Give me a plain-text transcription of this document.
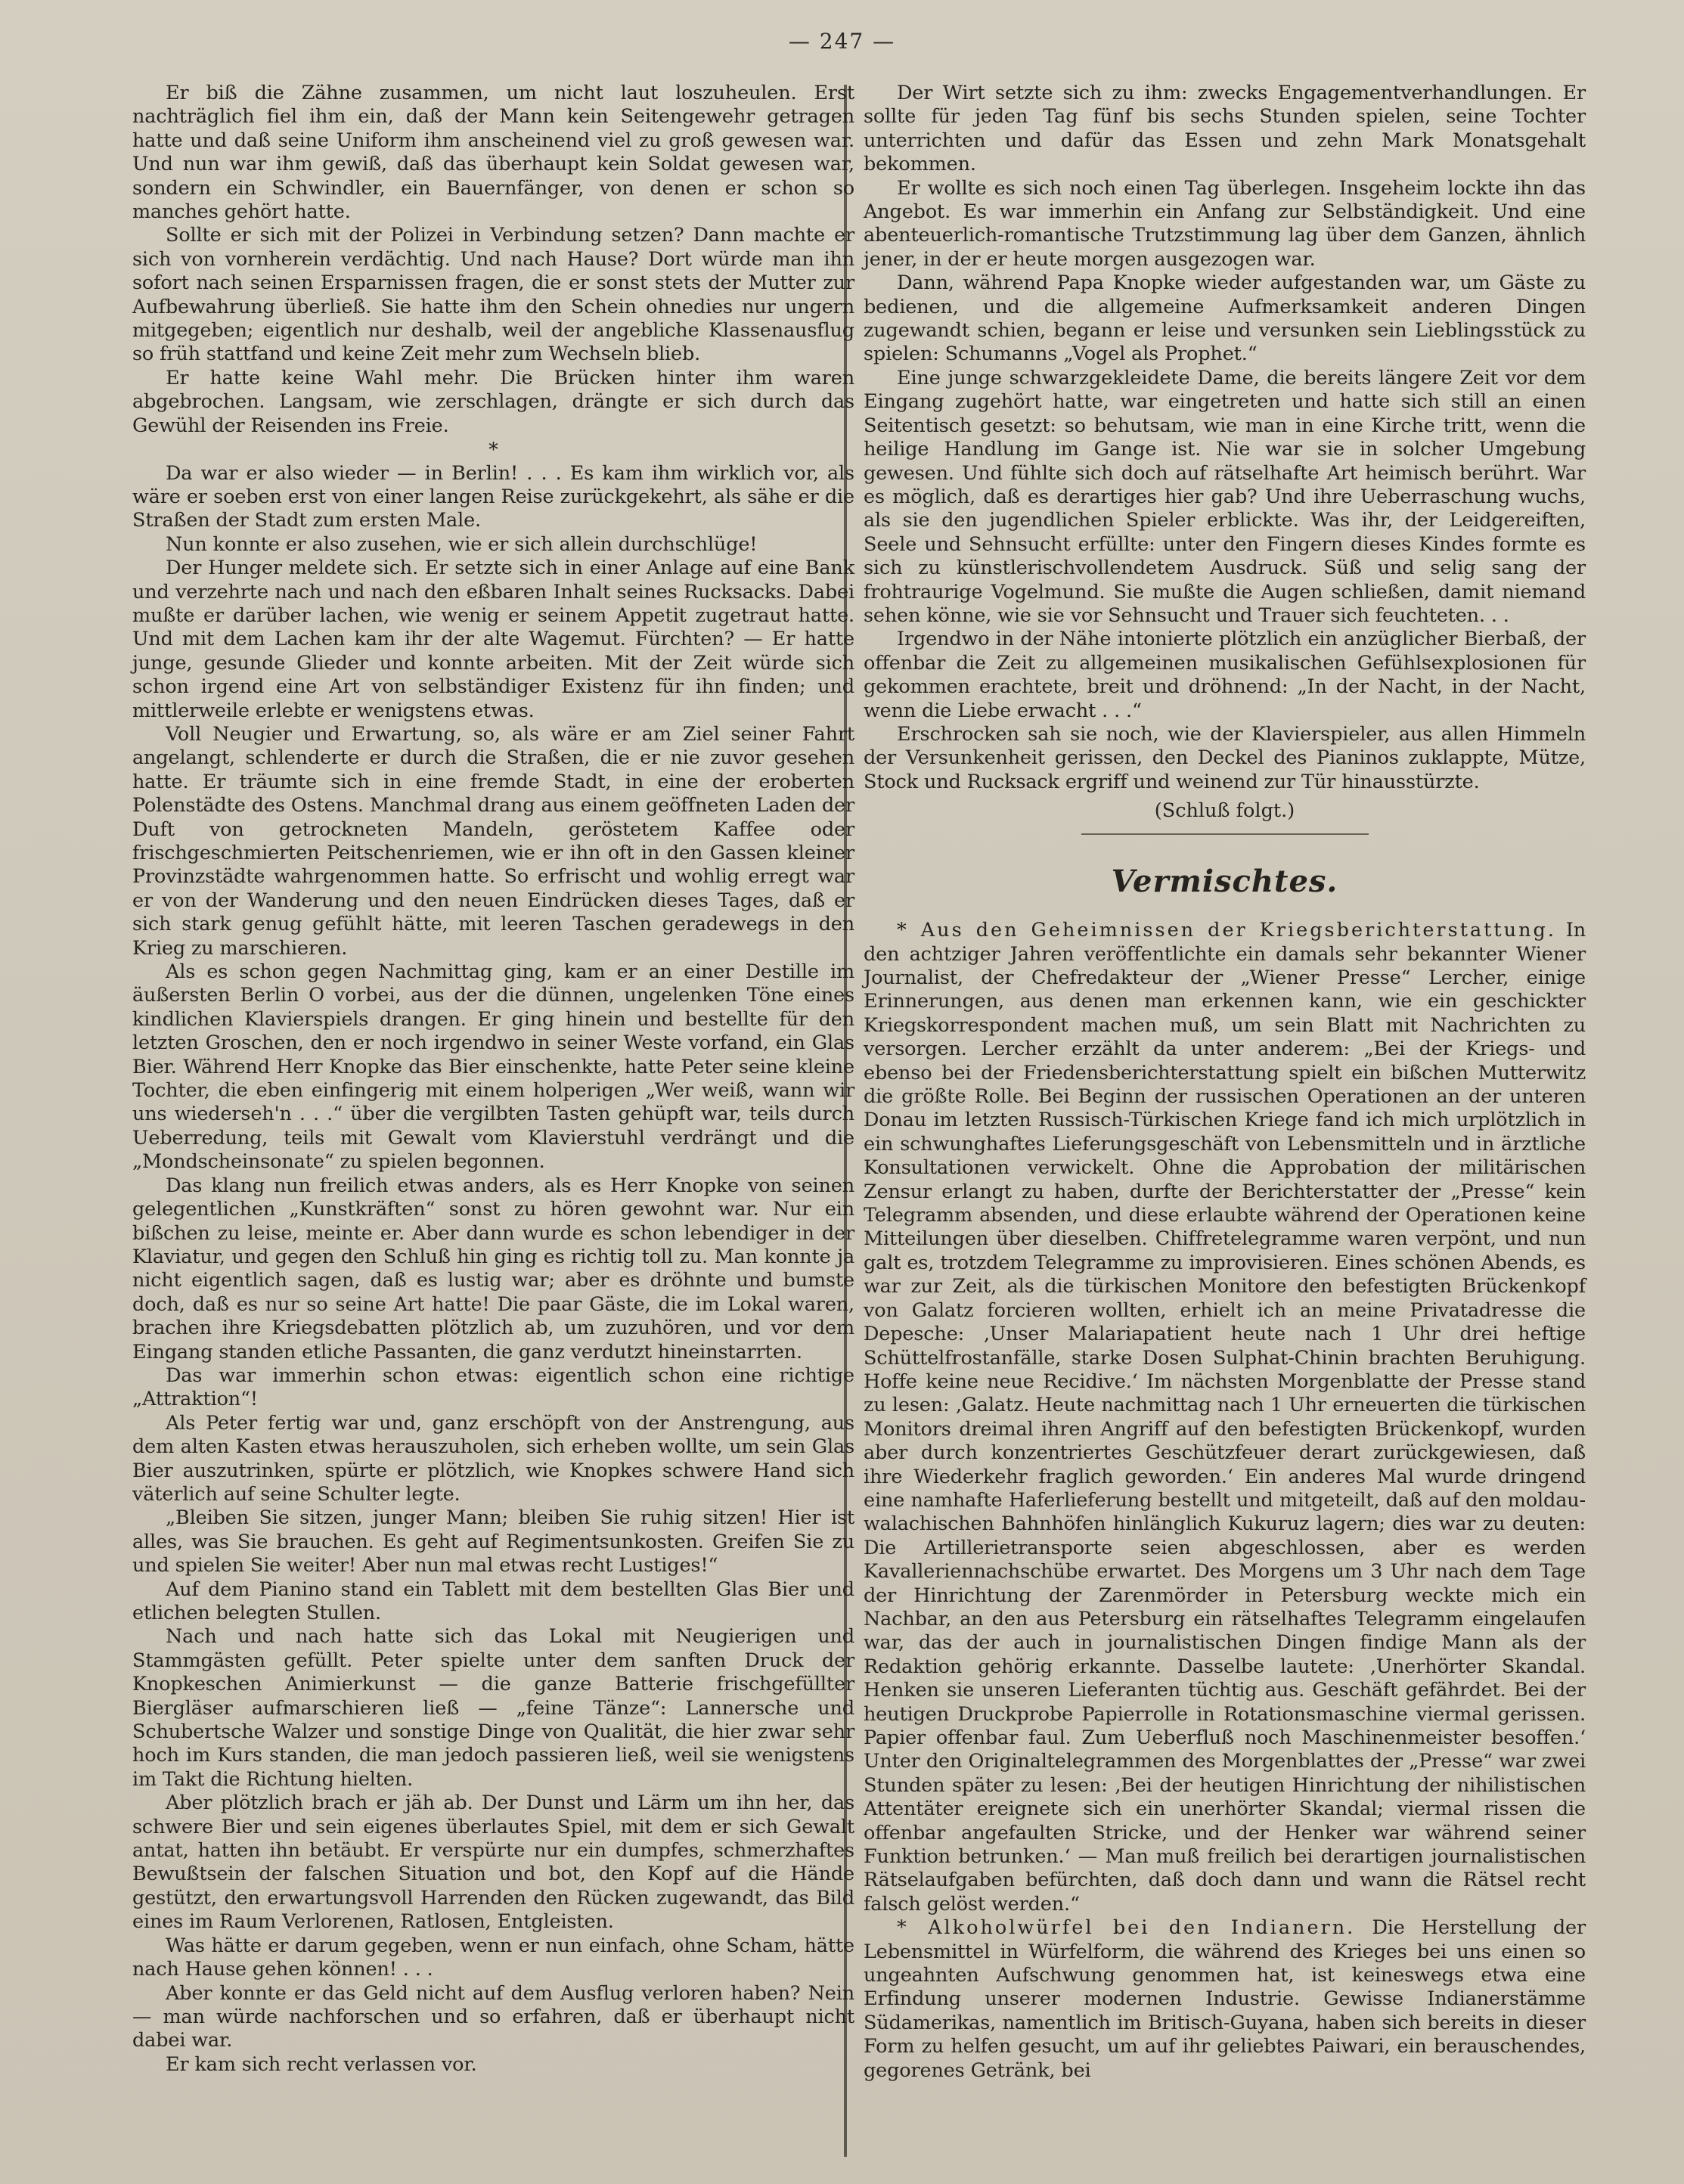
— 247 —

Er biß die Zähne zusammen, um nicht laut loszuheulen. Erst nachträglich fiel ihm ein, daß der Mann kein Seitengewehr getragen hatte und daß seine Uniform ihm anscheinend viel zu groß gewesen war. Und nun war ihm gewiß, daß das überhaupt kein Soldat gewesen war, sondern ein Schwindler, ein Bauernfänger, von denen er schon so manches gehört hatte.

Sollte er sich mit der Polizei in Verbindung setzen? Dann machte er sich von vornherein verdächtig. Und nach Hause? Dort würde man ihn sofort nach seinen Ersparnissen fragen, die er sonst stets der Mutter zur Aufbewahrung überließ. Sie hatte ihm den Schein ohnedies nur ungern mitgegeben; eigentlich nur deshalb, weil der angebliche Klassenausflug so früh stattfand und keine Zeit mehr zum Wechseln blieb.

Er hatte keine Wahl mehr. Die Brücken hinter ihm waren abgebrochen. Langsam, wie zerschlagen, drängte er sich durch das Gewühl der Reisenden ins Freie.

*

Da war er also wieder — in Berlin! . . . Es kam ihm wirklich vor, als wäre er soeben erst von einer langen Reise zurückgekehrt, als sähe er die Straßen der Stadt zum ersten Male.

Nun konnte er also zusehen, wie er sich allein durchschlüge!

Der Hunger meldete sich. Er setzte sich in einer Anlage auf eine Bank und verzehrte nach und nach den eßbaren Inhalt seines Rucksacks. Dabei mußte er darüber lachen, wie wenig er seinem Appetit zugetraut hatte. Und mit dem Lachen kam ihr der alte Wagemut. Fürchten? — Er hatte junge, gesunde Glieder und konnte arbeiten. Mit der Zeit würde sich schon irgend eine Art von selbständiger Existenz für ihn finden; und mittlerweile erlebte er wenigstens etwas.

Voll Neugier und Erwartung, so, als wäre er am Ziel seiner Fahrt angelangt, schlenderte er durch die Straßen, die er nie zuvor gesehen hatte. Er träumte sich in eine fremde Stadt, in eine der eroberten Polenstädte des Ostens. Manchmal drang aus einem geöffneten Laden der Duft von getrockneten Mandeln, geröstetem Kaffee oder frischgeschmierten Peitschenriemen, wie er ihn oft in den Gassen kleiner Provinzstädte wahrgenommen hatte. So erfrischt und wohlig erregt war er von der Wanderung und den neuen Eindrücken dieses Tages, daß er sich stark genug gefühlt hätte, mit leeren Taschen geradewegs in den Krieg zu marschieren.

Als es schon gegen Nachmittag ging, kam er an einer Destille im äußersten Berlin O vorbei, aus der die dünnen, ungelenken Töne eines kindlichen Klavierspiels drangen. Er ging hinein und bestellte für den letzten Groschen, den er noch irgendwo in seiner Weste vorfand, ein Glas Bier. Während Herr Knopke das Bier einschenkte, hatte Peter seine kleine Tochter, die eben einfingerig mit einem holperigen „Wer weiß, wann wir uns wiederseh'n . . .“ über die vergilbten Tasten gehüpft war, teils durch Ueberredung, teils mit Gewalt vom Klavierstuhl verdrängt und die „Mondscheinsonate“ zu spielen begonnen.

Das klang nun freilich etwas anders, als es Herr Knopke von seinen gelegentlichen „Kunstkräften“ sonst zu hören gewohnt war. Nur ein bißchen zu leise, meinte er. Aber dann wurde es schon lebendiger in der Klaviatur, und gegen den Schluß hin ging es richtig toll zu. Man konnte ja nicht eigentlich sagen, daß es lustig war; aber es dröhnte und bumste doch, daß es nur so seine Art hatte! Die paar Gäste, die im Lokal waren, brachen ihre Kriegsdebatten plötzlich ab, um zuzuhören, und vor dem Eingang standen etliche Passanten, die ganz verdutzt hineinstarrten.

Das war immerhin schon etwas: eigentlich schon eine richtige „Attraktion“!

Als Peter fertig war und, ganz erschöpft von der Anstrengung, aus dem alten Kasten etwas herauszuholen, sich erheben wollte, um sein Glas Bier auszutrinken, spürte er plötzlich, wie Knopkes schwere Hand sich väterlich auf seine Schulter legte.

„Bleiben Sie sitzen, junger Mann; bleiben Sie ruhig sitzen! Hier ist alles, was Sie brauchen. Es geht auf Regimentsunkosten. Greifen Sie zu und spielen Sie weiter! Aber nun mal etwas recht Lustiges!“

Auf dem Pianino stand ein Tablett mit dem bestellten Glas Bier und etlichen belegten Stullen.

Nach und nach hatte sich das Lokal mit Neugierigen und Stammgästen gefüllt. Peter spielte unter dem sanften Druck der Knopkeschen Animierkunst — die ganze Batterie frischgefüllter Biergläser aufmarschieren ließ — „feine Tänze“: Lannersche und Schubertsche Walzer und sonstige Dinge von Qualität, die hier zwar sehr hoch im Kurs standen, die man jedoch passieren ließ, weil sie wenigstens im Takt die Richtung hielten.

Aber plötzlich brach er jäh ab. Der Dunst und Lärm um ihn her, das schwere Bier und sein eigenes überlautes Spiel, mit dem er sich Gewalt antat, hatten ihn betäubt. Er verspürte nur ein dumpfes, schmerzhaftes Bewußtsein der falschen Situation und bot, den Kopf auf die Hände gestützt, den erwartungsvoll Harrenden den Rücken zugewandt, das Bild eines im Raum Verlorenen, Ratlosen, Entgleisten.

Was hätte er darum gegeben, wenn er nun einfach, ohne Scham, hätte nach Hause gehen können! . . .

Aber konnte er das Geld nicht auf dem Ausflug verloren haben? Nein — man würde nachforschen und so erfahren, daß er überhaupt nicht dabei war.

Er kam sich recht verlassen vor.

Der Wirt setzte sich zu ihm: zwecks Engagementverhandlungen. Er sollte für jeden Tag fünf bis sechs Stunden spielen, seine Tochter unterrichten und dafür das Essen und zehn Mark Monatsgehalt bekommen.

Er wollte es sich noch einen Tag überlegen. Insgeheim lockte ihn das Angebot. Es war immerhin ein Anfang zur Selbständigkeit. Und eine abenteuerlich-romantische Trutzstimmung lag über dem Ganzen, ähnlich jener, in der er heute morgen ausgezogen war.

Dann, während Papa Knopke wieder aufgestanden war, um Gäste zu bedienen, und die allgemeine Aufmerksamkeit anderen Dingen zugewandt schien, begann er leise und versunken sein Lieblingsstück zu spielen: Schumanns „Vogel als Prophet.“

Eine junge schwarzgekleidete Dame, die bereits längere Zeit vor dem Eingang zugehört hatte, war eingetreten und hatte sich still an einen Seitentisch gesetzt: so behutsam, wie man in eine Kirche tritt, wenn die heilige Handlung im Gange ist. Nie war sie in solcher Umgebung gewesen. Und fühlte sich doch auf rätselhafte Art heimisch berührt. War es möglich, daß es derartiges hier gab? Und ihre Ueberraschung wuchs, als sie den jugendlichen Spieler erblickte. Was ihr, der Leidgereiften, Seele und Sehnsucht erfüllte: unter den Fingern dieses Kindes formte es sich zu künstlerischvollendetem Ausdruck. Süß und selig sang der frohtraurige Vogelmund. Sie mußte die Augen schließen, damit niemand sehen könne, wie sie vor Sehnsucht und Trauer sich feuchteten. . .

Irgendwo in der Nähe intonierte plötzlich ein anzüglicher Bierbaß, der offenbar die Zeit zu allgemeinen musikalischen Gefühlsexplosionen für gekommen erachtete, breit und dröhnend: „In der Nacht, in der Nacht, wenn die Liebe erwacht . . .“

Erschrocken sah sie noch, wie der Klavierspieler, aus allen Himmeln der Versunkenheit gerissen, den Deckel des Pianinos zuklappte, Mütze, Stock und Rucksack ergriff und weinend zur Tür hinausstürzte.

(Schluß folgt.)

Vermischtes.

* Aus den Geheimnissen der Kriegsberichterstattung. In den achtziger Jahren veröffentlichte ein damals sehr bekannter Wiener Journalist, der Chefredakteur der „Wiener Presse“ Lercher, einige Erinnerungen, aus denen man erkennen kann, wie ein geschickter Kriegskorrespondent machen muß, um sein Blatt mit Nachrichten zu versorgen. Lercher erzählt da unter anderem: „Bei der Kriegs- und ebenso bei der Friedensberichterstattung spielt ein bißchen Mutterwitz die größte Rolle. Bei Beginn der russischen Operationen an der unteren Donau im letzten Russisch-Türkischen Kriege fand ich mich urplötzlich in ein schwunghaftes Lieferungsgeschäft von Lebensmitteln und in ärztliche Konsultationen verwickelt. Ohne die Approbation der militärischen Zensur erlangt zu haben, durfte der Berichterstatter der „Presse“ kein Telegramm absenden, und diese erlaubte während der Operationen keine Mitteilungen über dieselben. Chiffretelegramme waren verpönt, und nun galt es, trotzdem Telegramme zu improvisieren. Eines schönen Abends, es war zur Zeit, als die türkischen Monitore den befestigten Brückenkopf von Galatz forcieren wollten, erhielt ich an meine Privatadresse die Depesche: ‚Unser Malariapatient heute nach 1 Uhr drei heftige Schüttelfrostanfälle, starke Dosen Sulphat-Chinin brachten Beruhigung. Hoffe keine neue Recidive.‘ Im nächsten Morgenblatte der Presse stand zu lesen: ‚Galatz. Heute nachmittag nach 1 Uhr erneuerten die türkischen Monitors dreimal ihren Angriff auf den befestigten Brückenkopf, wurden aber durch konzentriertes Geschützfeuer derart zurückgewiesen, daß ihre Wiederkehr fraglich geworden.‘ Ein anderes Mal wurde dringend eine namhafte Haferlieferung bestellt und mitgeteilt, daß auf den moldau-walachischen Bahnhöfen hinlänglich Kukuruz lagern; dies war zu deuten: Die Artillerietransporte seien abgeschlossen, aber es werden Kavalleriennachschübe erwartet. Des Morgens um 3 Uhr nach dem Tage der Hinrichtung der Zarenmörder in Petersburg weckte mich ein Nachbar, an den aus Petersburg ein rätselhaftes Telegramm eingelaufen war, das der auch in journalistischen Dingen findige Mann als der Redaktion gehörig erkannte. Dasselbe lautete: ‚Unerhörter Skandal. Henken sie unseren Lieferanten tüchtig aus. Geschäft gefährdet. Bei der heutigen Druckprobe Papierrolle in Rotationsmaschine viermal gerissen. Papier offenbar faul. Zum Ueberfluß noch Maschinenmeister besoffen.‘ Unter den Originaltelegrammen des Morgenblattes der „Presse“ war zwei Stunden später zu lesen: ‚Bei der heutigen Hinrichtung der nihilistischen Attentäter ereignete sich ein unerhörter Skandal; viermal rissen die offenbar angefaulten Stricke, und der Henker war während seiner Funktion betrunken.‘ — Man muß freilich bei derartigen journalistischen Rätselaufgaben befürchten, daß doch dann und wann die Rätsel recht falsch gelöst werden.“

* Alkoholwürfel bei den Indianern. Die Herstellung der Lebensmittel in Würfelform, die während des Krieges bei uns einen so ungeahnten Aufschwung genommen hat, ist keineswegs etwa eine Erfindung unserer modernen Industrie. Gewisse Indianerstämme Südamerikas, namentlich im Britisch-Guyana, haben sich bereits in dieser Form zu helfen gesucht, um auf ihr geliebtes Paiwari, ein berauschendes, gegorenes Getränk, bei
